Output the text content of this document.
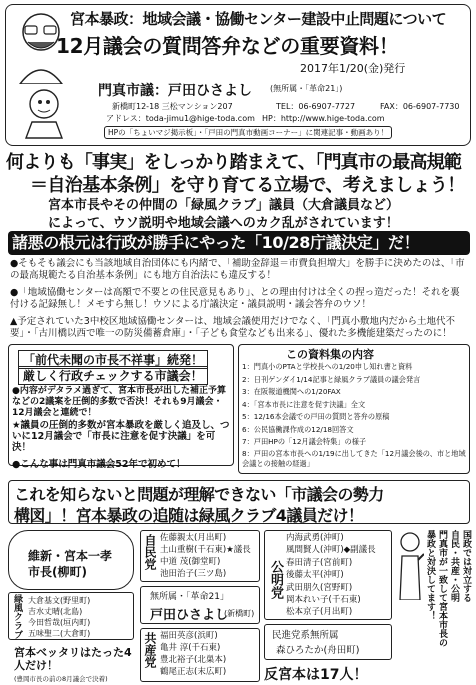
宮本暴政：地域会議・協働センター建設中止問題について
12月議会の質問答弁などの重要資料！
2017年1/20(金)発行
門真市議：戸田ひさよし (無所属・「革命21」)
新橋町12-18 三松マンション207	TEL：06-6907-7727	FAX：06-6907-7730
アドレス：toda-jimu1@hige-toda.com HP：http://www.hige-toda.com
HPの「ちょいマジ掲示板」・「戸田の門真市動画コーナー」に関連記事・動画あり！
何よりも「事実」をしっかり踏まえて、「門真市の最高規範
＝自治基本条例」を守り育てる立場で、考えましょう！
宮本市長やその仲間の「緑風クラブ」議員（大倉議員など）
によって、ウソ説明や地域会議へのカク乱がされています！
諸悪の根元は行政が勝手にやった「10/28庁議決定」だ！
●そもそも議会にも当該地域自治団体にも内緒で、「補助金辞退＝市費負担増大」を勝手に決めたのは、「市の最高規範たる自治基本条例」にも地方自治法にも違反する！
●「地域協働センターは高額で不要との住民意見もあり」、との理由付けは全くの捏っ造だった！それを裏付ける記録無し！メモすら無し！ウソによる庁議決定・議員説明・議会答弁のウソ！
▲予定されていた3中校区地域協働センターは、地域会議使用だけでなく、「門真小敷地内だから土地代不要」・「古川橋以西で唯一の防災備蓄倉庫」・「子ども食堂なども出来る」、優れた多機能建築だったのに！
「前代未聞の市長不祥事」続発！
厳しく行政チェックする市議会！
●内容がデタラメ過ぎて、宮本市長が出した補正予算などの2議案を圧倒的多数で否決！それも9月議会・12月議会と連続で！
★議員の圧倒的多数が宮本暴政を厳しく追及し、ついに12月議会で「市長に注意を促す決議」を可決！
●こんな事は門真市議会52年で初めて！
この資料集の内容
1：門真小のPTAと学校長への1/20申し知れ書と資料
2：日刊ゲンダイ1/14記事と緑風クラブ議員の議会発言
3：在阪報道機関への1/20FAX
4：「宮本市長に注意を促す決議」全文
5：12/16本会議での戸田の質問と答弁の原稿
6：公民協働課作成の12/18回答文
7：戸田HPの「12月議会特集」の様子
8：戸田の宮本市長への1/19に出してきた「12月議会後の、市と地域会議との接触の経過」
これを知らないと問題が理解できない「市議会の勢力
構図」！宮本暴政の追随は緑風クラブ4議員だけ！
維新・宮本一孝市長(柳町)
緑風クラブ 大倉基文(野里町)
吉水丈晴(北島)
今田哲哉(垣内町)
五味聖二(大倉町)
宮本ベッタリはたった4人だけ！
(豊岡市長の前の8月議会で決着)
自民党 佐藤親太(月出町)
土山重樹(千石東)★議長
中道 茂(御堂町)
池田治子(三ツ島)
無所属・「革命21」
戸田ひさよし
(新橋町)
共産党 福田英彦(浜町)
亀井 淳(千石東)
豊北裕子(北巣本)
鶴尾正志(末広町)
公明党
内海武勇(沖町)
風間賢人(沖町)◆副議長
春田清子(宮前町)
後藤太平(沖町)
武田朋久(宮野町)
岡本れい子(千石東)
松本京子(月出町)
民進党系無所属
森ひろたか(舟田町)
反宮本は17人！
国政では対立する
自民・共産・公明
門真市が一致して宮本市長の
暴政と対決してます！
